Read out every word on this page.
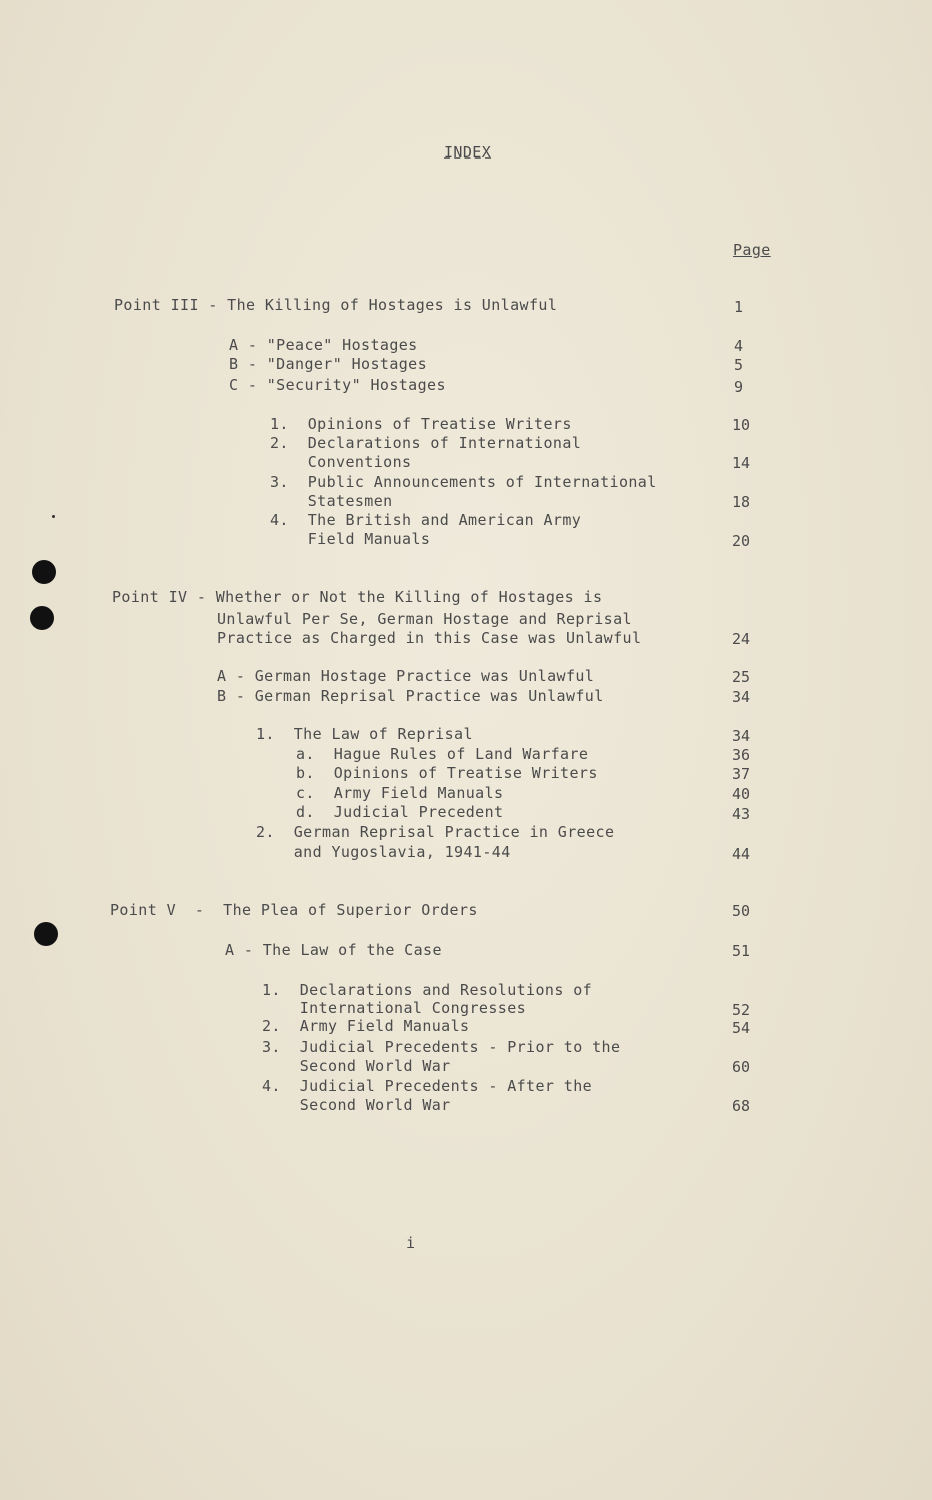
INDEX
Page
Point III - The Killing of Hostages is Unlawful	1
A - "Peace" Hostages	4
B - "Danger" Hostages	5
C - "Security" Hostages	9
1.  Opinions of Treatise Writers	10
2.  Declarations of International
Conventions	14
3.  Public Announcements of International
Statesmen	18
4.  The British and American Army
Field Manuals	20
Point IV - Whether or Not the Killing of Hostages is
Unlawful Per Se, German Hostage and Reprisal
Practice as Charged in this Case was Unlawful	24
A - German Hostage Practice was Unlawful	25
B - German Reprisal Practice was Unlawful	34
1.  The Law of Reprisal	34
a.  Hague Rules of Land Warfare	36
b.  Opinions of Treatise Writers	37
c.  Army Field Manuals	40
d.  Judicial Precedent	43
2.  German Reprisal Practice in Greece
and Yugoslavia, 1941-44	44
Point V  -  The Plea of Superior Orders	50
A - The Law of the Case	51
1.  Declarations and Resolutions of
International Congresses	52
2.  Army Field Manuals	54
3.  Judicial Precedents - Prior to the
Second World War	60
4.  Judicial Precedents - After the
Second World War	68
i
